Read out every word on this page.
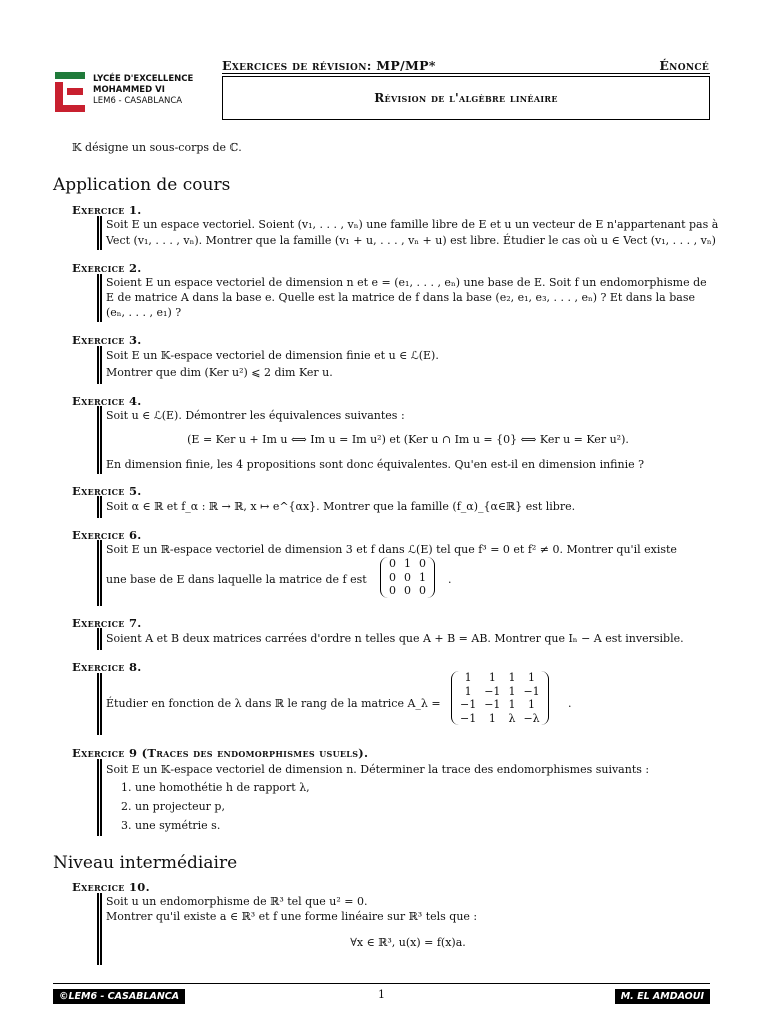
LYCÉE D'EXCELLENCE
MOHAMMED VI
LEM6 - CASABLANCA
Exercices de révision: MP/MP*	Énoncé
Révision de l'algèbre linéaire
𝕂 désigne un sous-corps de ℂ.
Application de cours
Exercice 1.
Soit E un espace vectoriel. Soient (v₁, . . . , vₙ) une famille libre de E et u un vecteur de E n'appartenant pas à
Vect (v₁, . . . , vₙ). Montrer que la famille (v₁ + u, . . . , vₙ + u) est libre. Étudier le cas où u ∈ Vect (v₁, . . . , vₙ)
Exercice 2.
Soient E un espace vectoriel de dimension n et e = (e₁, . . . , eₙ) une base de E. Soit f un endomorphisme de
E de matrice A dans la base e. Quelle est la matrice de f dans la base (e₂, e₁, e₃, . . . , eₙ) ? Et dans la base
(eₙ, . . . , e₁) ?
Exercice 3.
Soit E un 𝕂-espace vectoriel de dimension finie et u ∈ ℒ(E).
Montrer que dim (Ker u²) ⩽ 2 dim Ker u.
Exercice 4.
Soit u ∈ ℒ(E). Démontrer les équivalences suivantes :
(E = Ker u + Im u ⟺ Im u = Im u²) et (Ker u ∩ Im u = {0} ⟺ Ker u = Ker u²).
En dimension finie, les 4 propositions sont donc équivalentes. Qu'en est-il en dimension infinie ?
Exercice 5.
Soit α ∈ ℝ et f_α : ℝ → ℝ, x ↦ e^{αx}. Montrer que la famille (f_α)_{α∈ℝ} est libre.
Exercice 6.
Soit E un ℝ-espace vectoriel de dimension 3 et f dans ℒ(E) tel que f³ = 0 et f² ≠ 0. Montrer qu'il existe
une base de E dans laquelle la matrice de f est
0	1	0
0	0	1
0	0	0
.
Exercice 7.
Soient A et B deux matrices carrées d'ordre n telles que A + B = AB. Montrer que Iₙ − A est inversible.
Exercice 8.
Étudier en fonction de λ dans ℝ le rang de la matrice A_λ =
1	1	1	1
1	−1	1	−1
−1	−1	1	1
−1	1	λ	−λ
.
Exercice 9 (Traces des endomorphismes usuels).
Soit E un 𝕂-espace vectoriel de dimension n. Déterminer la trace des endomorphismes suivants :
1. une homothétie h de rapport λ,
2. un projecteur p,
3. une symétrie s.
Niveau intermédiaire
Exercice 10.
Soit u un endomorphisme de ℝ³ tel que u² = 0.
Montrer qu'il existe a ∈ ℝ³ et f une forme linéaire sur ℝ³ tels que :
∀x ∈ ℝ³, u(x) = f(x)a.
©LEM6 - CASABLANCA	1	M. EL AMDAOUI
